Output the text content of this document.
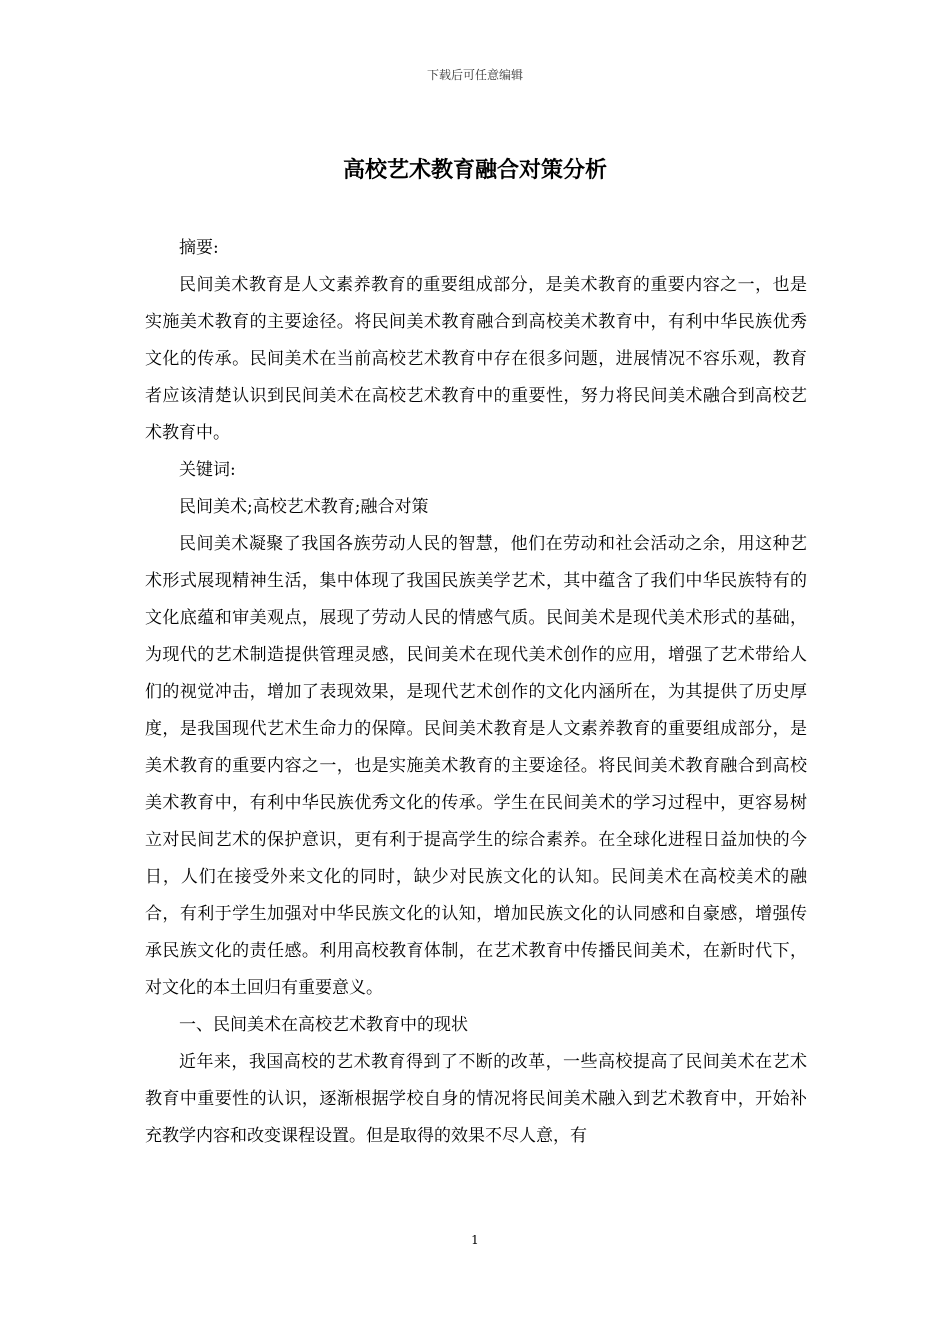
下载后可任意编辑
高校艺术教育融合对策分析

摘要:

民间美术教育是人文素养教育的重要组成部分，是美术教育的重要内容之一，也是实施美术教育的主要途径。将民间美术教育融合到高校美术教育中，有利中华民族优秀文化的传承。民间美术在当前高校艺术教育中存在很多问题，进展情况不容乐观，教育者应该清楚认识到民间美术在高校艺术教育中的重要性，努力将民间美术融合到高校艺术教育中。

关键词:

民间美术;高校艺术教育;融合对策

民间美术凝聚了我国各族劳动人民的智慧，他们在劳动和社会活动之余，用这种艺术形式展现精神生活，集中体现了我国民族美学艺术，其中蕴含了我们中华民族特有的文化底蕴和审美观点，展现了劳动人民的情感气质。民间美术是现代美术形式的基础，为现代的艺术制造提供管理灵感，民间美术在现代美术创作的应用，增强了艺术带给人们的视觉冲击，增加了表现效果，是现代艺术创作的文化内涵所在，为其提供了历史厚度，是我国现代艺术生命力的保障。民间美术教育是人文素养教育的重要组成部分，是美术教育的重要内容之一，也是实施美术教育的主要途径。将民间美术教育融合到高校美术教育中，有利中华民族优秀文化的传承。学生在民间美术的学习过程中，更容易树立对民间艺术的保护意识，更有利于提高学生的综合素养。在全球化进程日益加快的今日，人们在接受外来文化的同时，缺少对民族文化的认知。民间美术在高校美术的融合，有利于学生加强对中华民族文化的认知，增加民族文化的认同感和自豪感，增强传承民族文化的责任感。利用高校教育体制，在艺术教育中传播民间美术，在新时代下，对文化的本土回归有重要意义。

一、民间美术在高校艺术教育中的现状

近年来，我国高校的艺术教育得到了不断的改革，一些高校提高了民间美术在艺术教育中重要性的认识，逐渐根据学校自身的情况将民间美术融入到艺术教育中，开始补充教学内容和改变课程设置。但是取得的效果不尽人意，有

1
